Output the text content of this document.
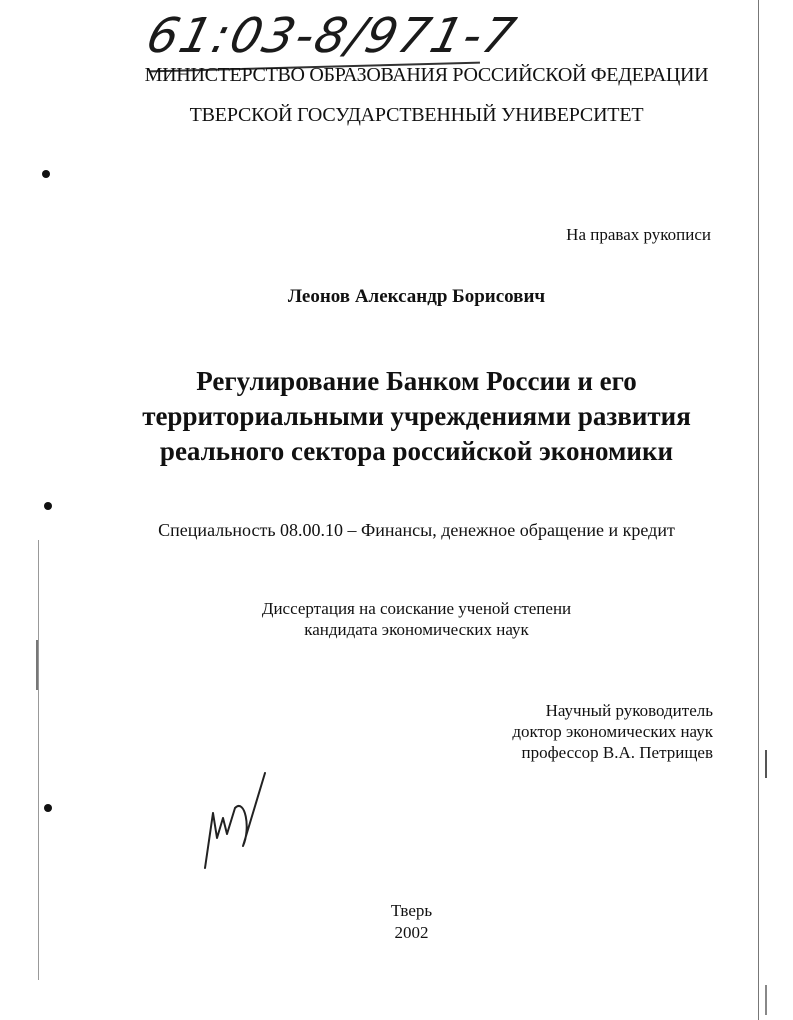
61:03-8/971-7
МИНИСТЕРСТВО ОБРАЗОВАНИЯ РОССИЙСКОЙ ФЕДЕРАЦИИ
ТВЕРСКОЙ ГОСУДАРСТВЕННЫЙ УНИВЕРСИТЕТ
На правах рукописи
Леонов Александр Борисович
Регулирование Банком России и его
территориальными учреждениями развития
реального сектора российской экономики
Специальность 08.00.10 – Финансы, денежное обращение и кредит
Диссертация на соискание ученой степени
кандидата экономических наук
Научный руководитель
доктор экономических наук
профессор В.А. Петрищев
Тверь
2002
